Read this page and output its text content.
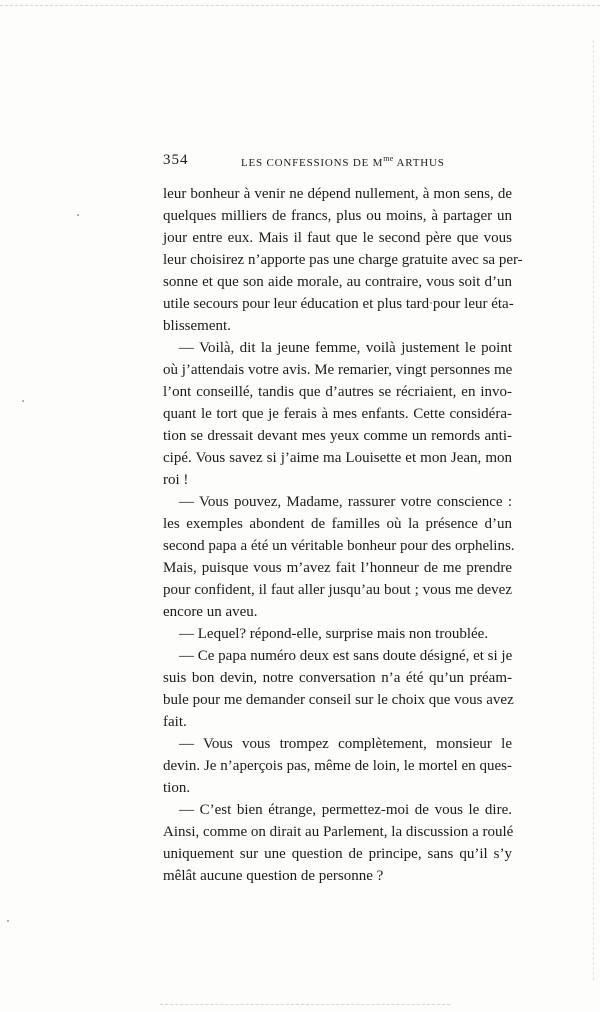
354	LES CONFESSIONS DE $M^{me}$ ARTHUS
leur bonheur à venir ne dépend nullement, à mon sens, de
quelques milliers de francs, plus ou moins, à partager un
jour entre eux. Mais il faut que le second père que vous
leur choisirez n’apporte pas une charge gratuite avec sa per-
sonne et que son aide morale, au contraire, vous soit d’un
utile secours pour leur éducation et plus tard pour leur éta-
blissement.
— Voilà, dit la jeune femme, voilà justement le point
où j’attendais votre avis. Me remarier, vingt personnes me
l’ont conseillé, tandis que d’autres se récriaient, en invo-
quant le tort que je ferais à mes enfants. Cette considéra-
tion se dressait devant mes yeux comme un remords anti-
cipé. Vous savez si j’aime ma Louisette et mon Jean, mon
roi !
— Vous pouvez, Madame, rassurer votre conscience :
les exemples abondent de familles où la présence d’un
second papa a été un véritable bonheur pour des orphelins.
Mais, puisque vous m’avez fait l’honneur de me prendre
pour confident, il faut aller jusqu’au bout ; vous me devez
encore un aveu.
— Lequel? répond-elle, surprise mais non troublée.
— Ce papa numéro deux est sans doute désigné, et si je
suis bon devin, notre conversation n’a été qu’un préam-
bule pour me demander conseil sur le choix que vous avez
fait.
— Vous vous trompez complètement, monsieur le
devin. Je n’aperçois pas, même de loin, le mortel en ques-
tion.
— C’est bien étrange, permettez-moi de vous le dire.
Ainsi, comme on dirait au Parlement, la discussion a roulé
uniquement sur une question de principe, sans qu’il s’y
mêlât aucune question de personne ?
